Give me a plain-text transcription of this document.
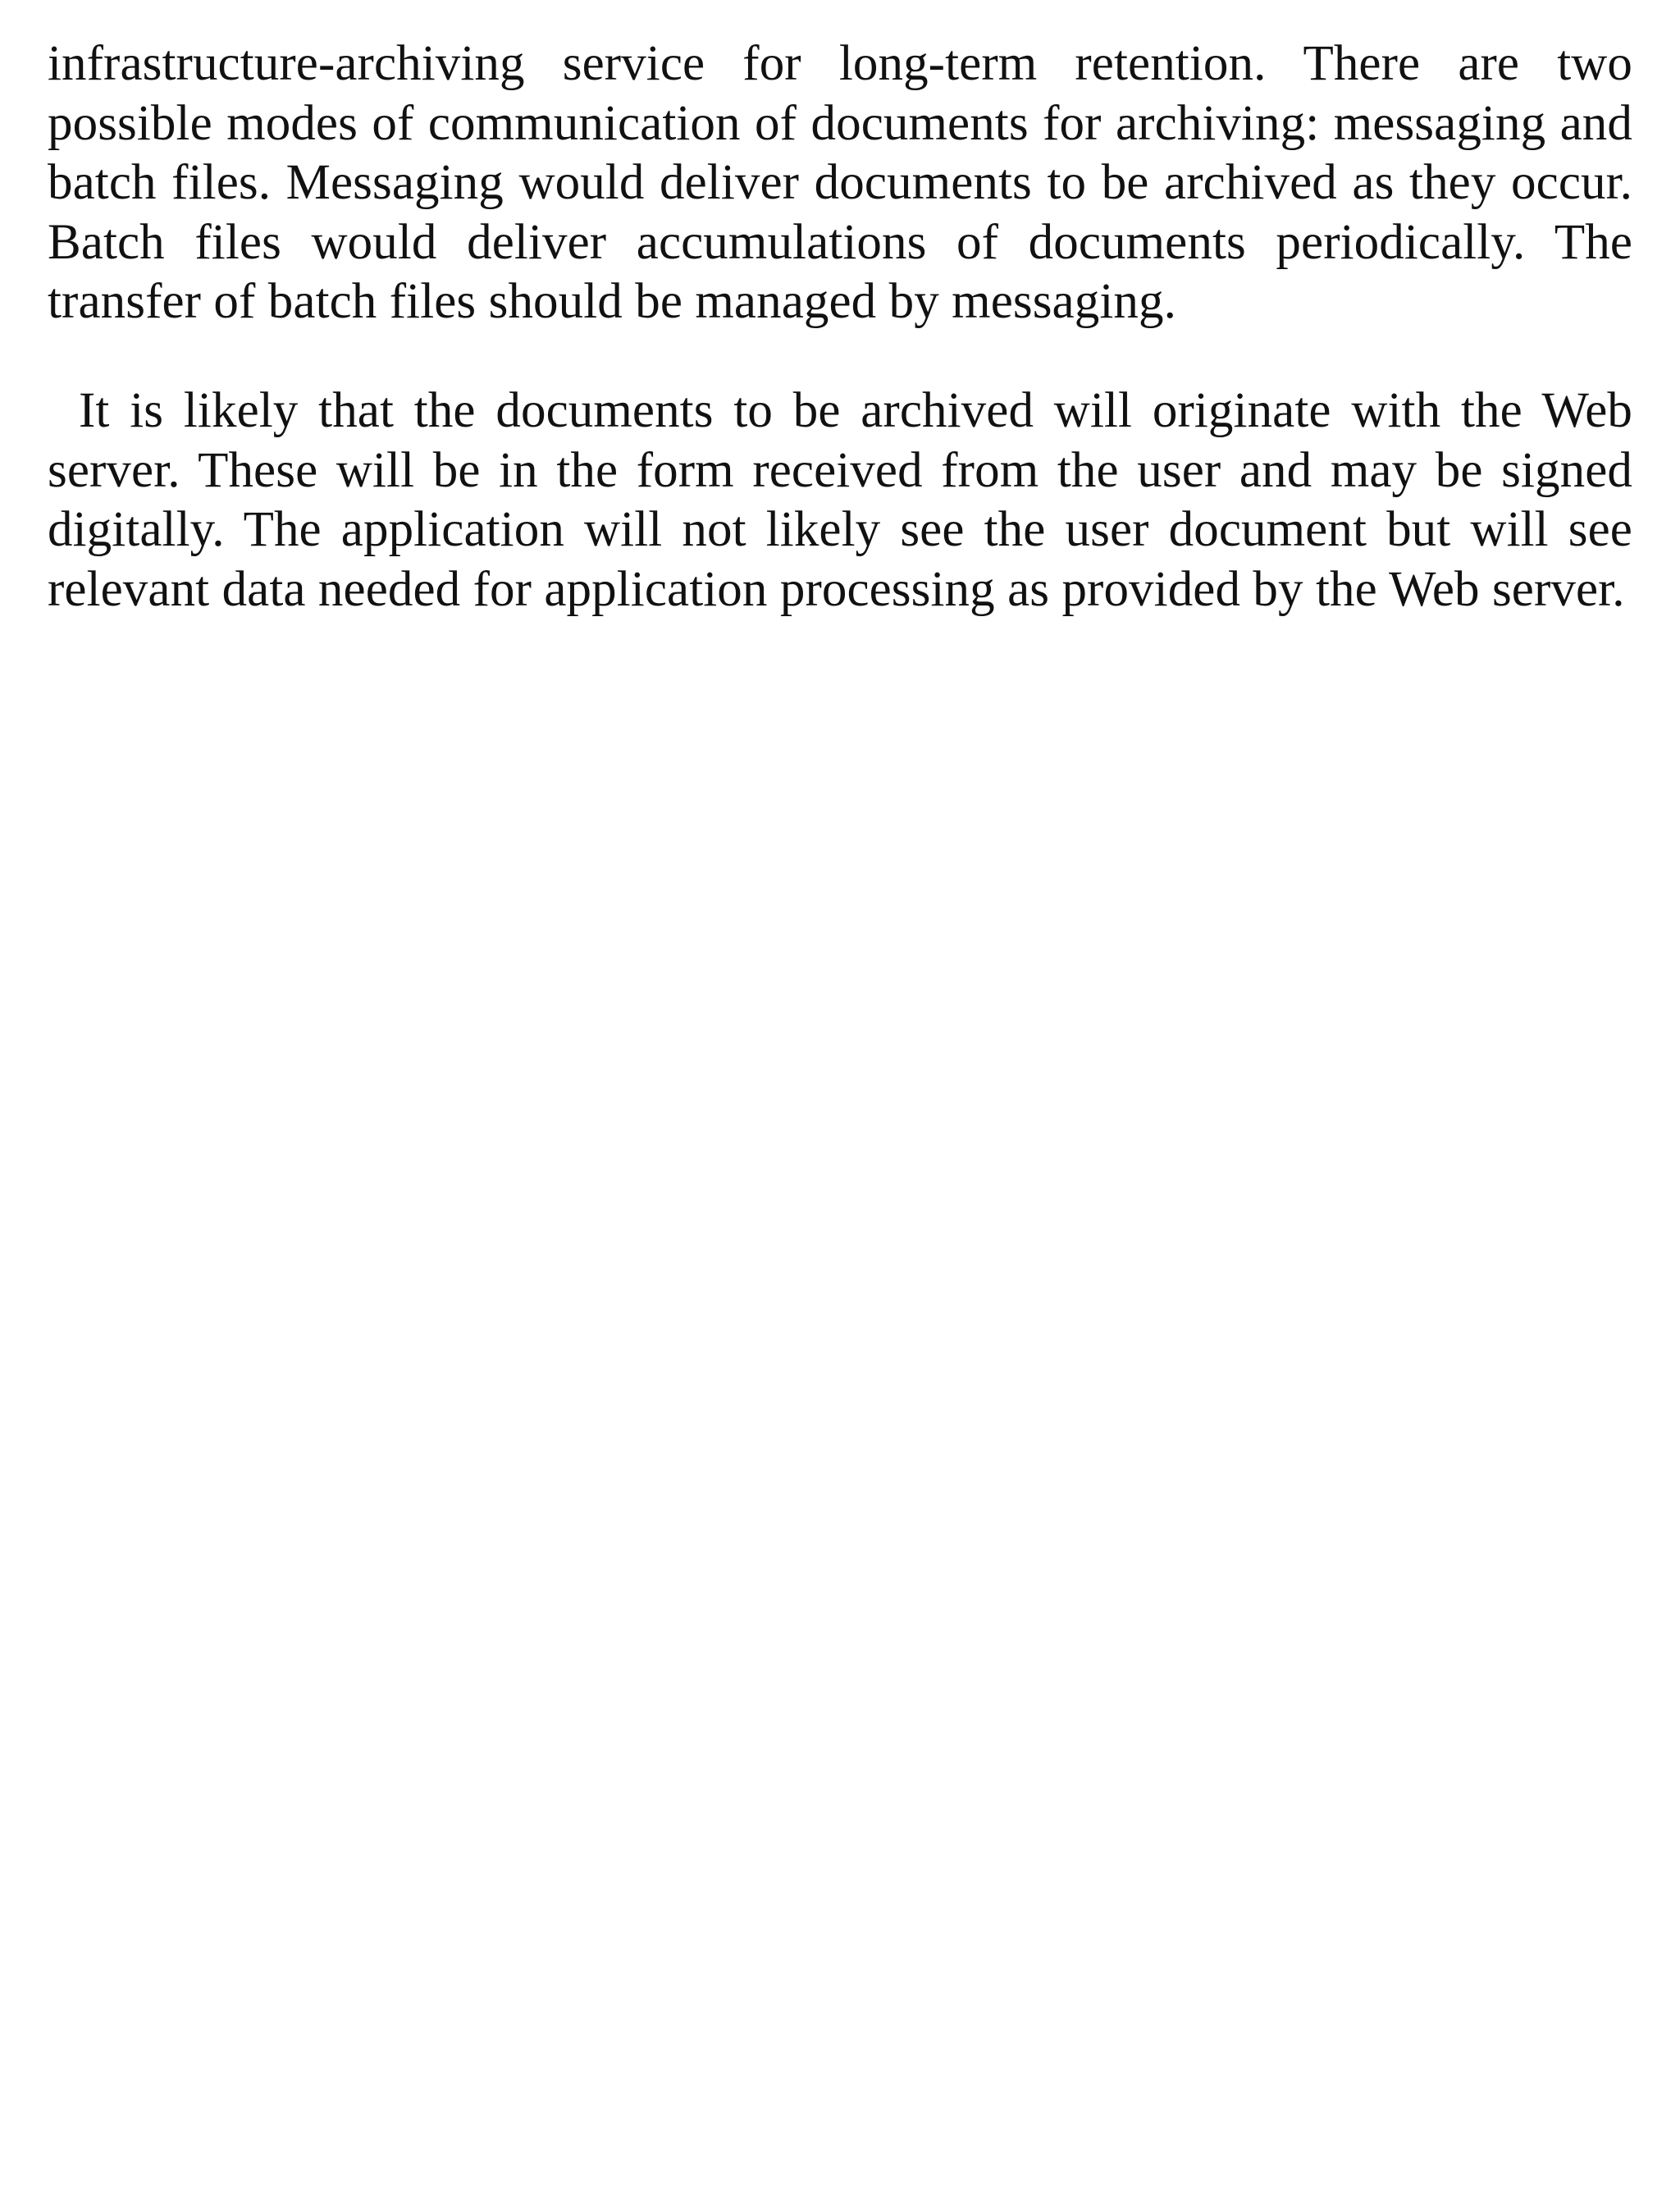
infrastructure-archiving service for long-term retention. There are two possible modes of communication of documents for archiving: messaging and batch files. Messaging would deliver documents to be archived as they occur. Batch files would deliver accumulations of documents periodically. The transfer of batch files should be managed by messaging.

It is likely that the documents to be archived will originate with the Web server. These will be in the form received from the user and may be signed digitally. The application will not likely see the user document but will see relevant data needed for application processing as provided by the Web server.
